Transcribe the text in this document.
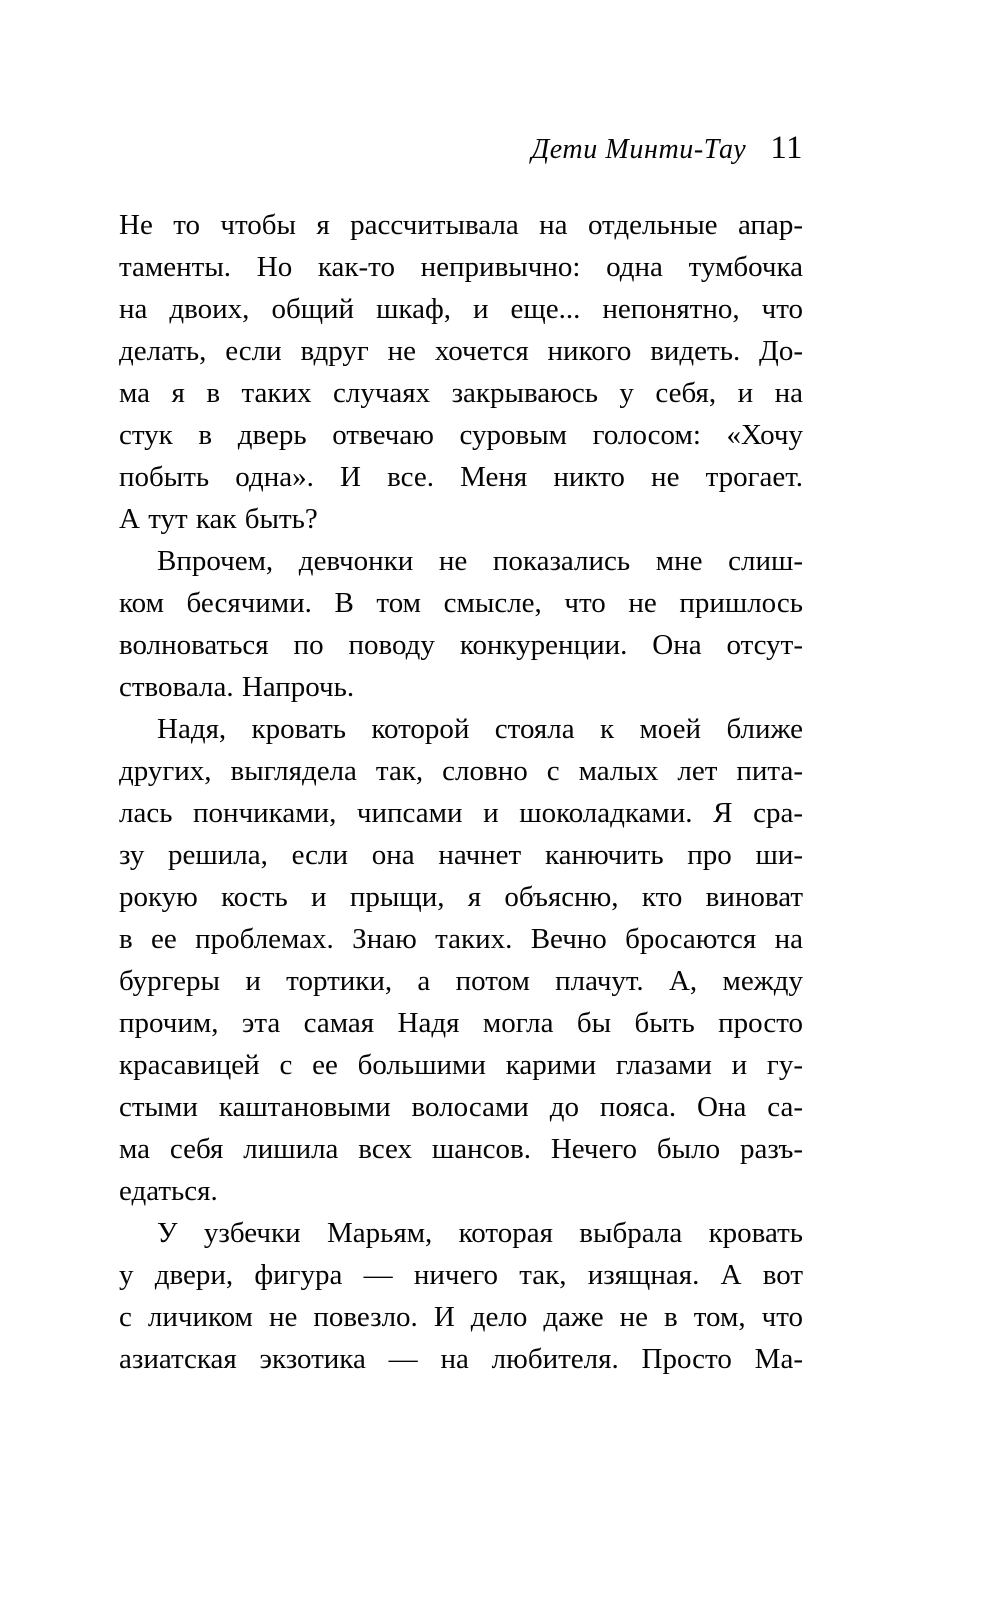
Дети Минти-Тау 11
Не то чтобы я рассчитывала на отдельные апар-
таменты. Но как-то непривычно: одна тумбочка
на двоих, общий шкаф, и еще... непонятно, что
делать, если вдруг не хочется никого видеть. До-
ма я в таких случаях закрываюсь у себя, и на
стук в дверь отвечаю суровым голосом: «Хочу
побыть одна». И все. Меня никто не трогает.
А тут как быть?
Впрочем, девчонки не показались мне слиш-
ком бесячими. В том смысле, что не пришлось
волноваться по поводу конкуренции. Она отсут-
ствовала. Напрочь.
Надя, кровать которой стояла к моей ближе
других, выглядела так, словно с малых лет пита-
лась пончиками, чипсами и шоколадками. Я сра-
зу решила, если она начнет канючить про ши-
рокую кость и прыщи, я объясню, кто виноват
в ее проблемах. Знаю таких. Вечно бросаются на
бургеры и тортики, а потом плачут. А, между
прочим, эта самая Надя могла бы быть просто
красавицей с ее большими карими глазами и гу-
стыми каштановыми волосами до пояса. Она са-
ма себя лишила всех шансов. Нечего было разъ-
едаться.
У узбечки Марьям, которая выбрала кровать
у двери, фигура — ничего так, изящная. А вот
с личиком не повезло. И дело даже не в том, что
азиатская экзотика — на любителя. Просто Ма-
